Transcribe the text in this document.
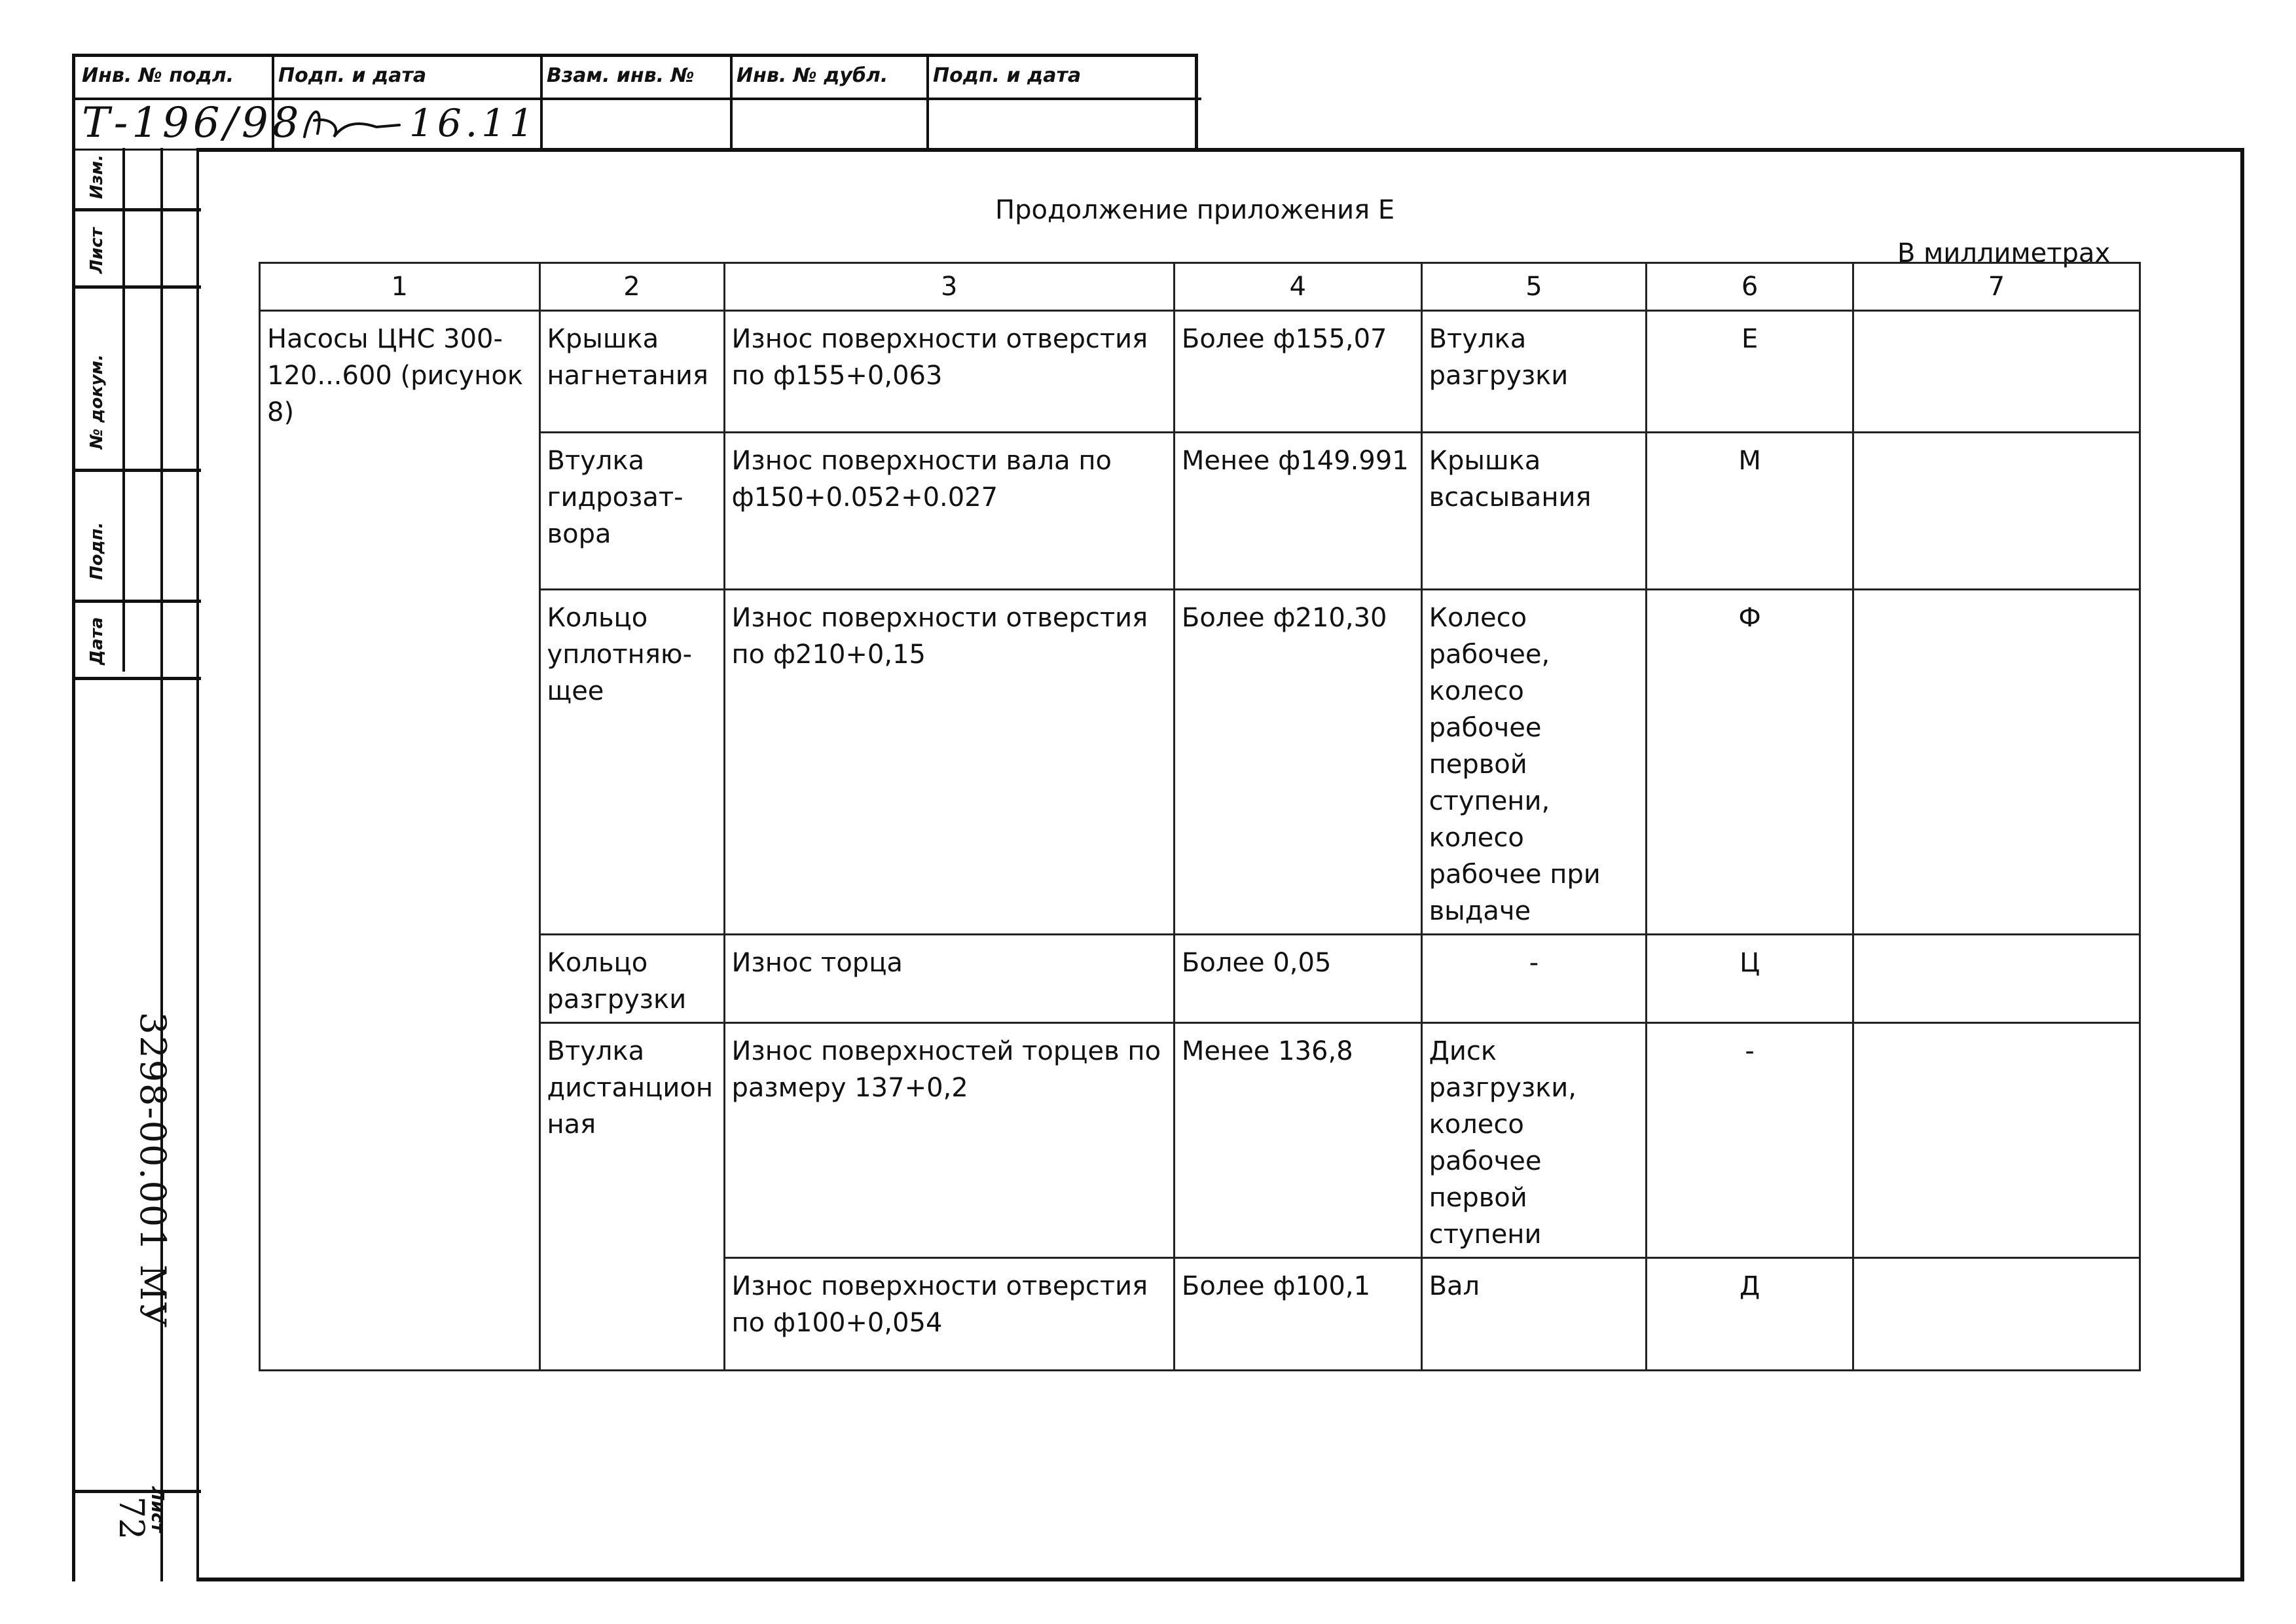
Инв. № подл.	Подп. и дата	Взам. инв. №	Инв. № дубл.	Подп. и дата
Т-196/98	16.11
Изм.
Лист
№ докум.
Подп.
Дата
3298-00.001 МУ
Лист
72
Продолжение приложения Е
В миллиметрах
1	2	3	4	5	6	7
Насосы ЦНС 300-120...600 (рисунок 8)	Крышка нагнетания	Износ поверхности отверстия по ф155+0,063	Более ф155,07	Втулка разгрузки	Е	
	Втулка гидрозат-вора	Износ поверхности вала по ф150+0.052+0.027	Менее ф149.991	Крышка всасывания	М	
	Кольцо уплотняю-щее	Износ поверхности отверстия по ф210+0,15	Более ф210,30	Колесо рабочее, колесо рабочее первой ступени, колесо рабочее при выдаче	Ф	
	Кольцо разгрузки	Износ торца	Более 0,05	-	Ц	
	Втулка дистанцион ная	Износ поверхностей торцев по размеру 137+0,2	Менее 136,8	Диск разгрузки, колесо рабочее первой ступени	-	
		Износ поверхности отверстия по ф100+0,054	Более ф100,1	Вал	Д	
